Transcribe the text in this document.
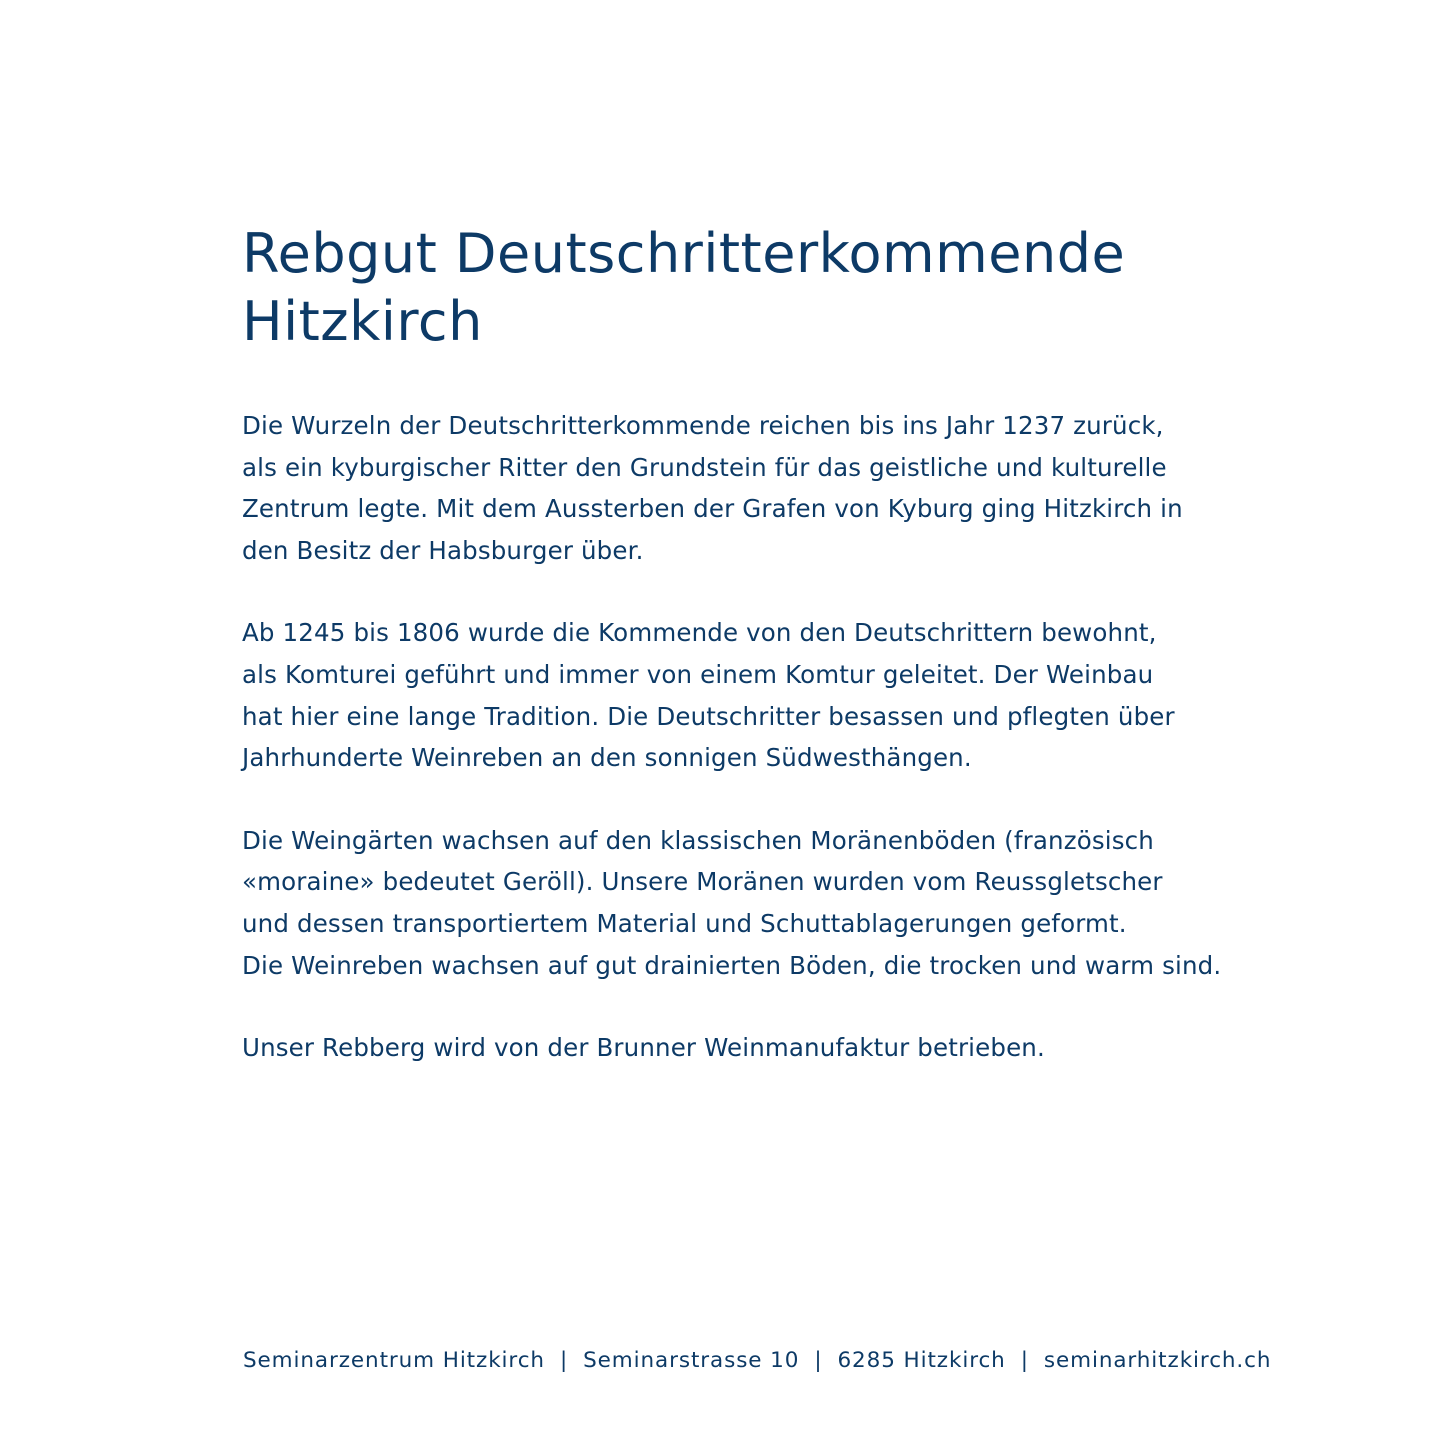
Rebgut Deutschritterkommende
Hitzkirch

Die Wurzeln der Deutschritterkommende reichen bis ins Jahr 1237 zurück,
als ein kyburgischer Ritter den Grundstein für das geistliche und kulturelle
Zentrum legte. Mit dem Aussterben der Grafen von Kyburg ging Hitzkirch in
den Besitz der Habsburger über.

Ab 1245 bis 1806 wurde die Kommende von den Deutschrittern bewohnt,
als Komturei geführt und immer von einem Komtur geleitet. Der Weinbau
hat hier eine lange Tradition. Die Deutschritter besassen und pflegten über
Jahrhunderte Weinreben an den sonnigen Südwesthängen.

Die Weingärten wachsen auf den klassischen Moränenböden (französisch
«moraine» bedeutet Geröll). Unsere Moränen wurden vom Reussgletscher
und dessen transportiertem Material und Schuttablagerungen geformt.
Die Weinreben wachsen auf gut drainierten Böden, die trocken und warm sind.

Unser Rebberg wird von der Brunner Weinmanufaktur betrieben.

Seminarzentrum Hitzkirch | Seminarstrasse 10 | 6285 Hitzkirch | seminarhitzkirch.ch
